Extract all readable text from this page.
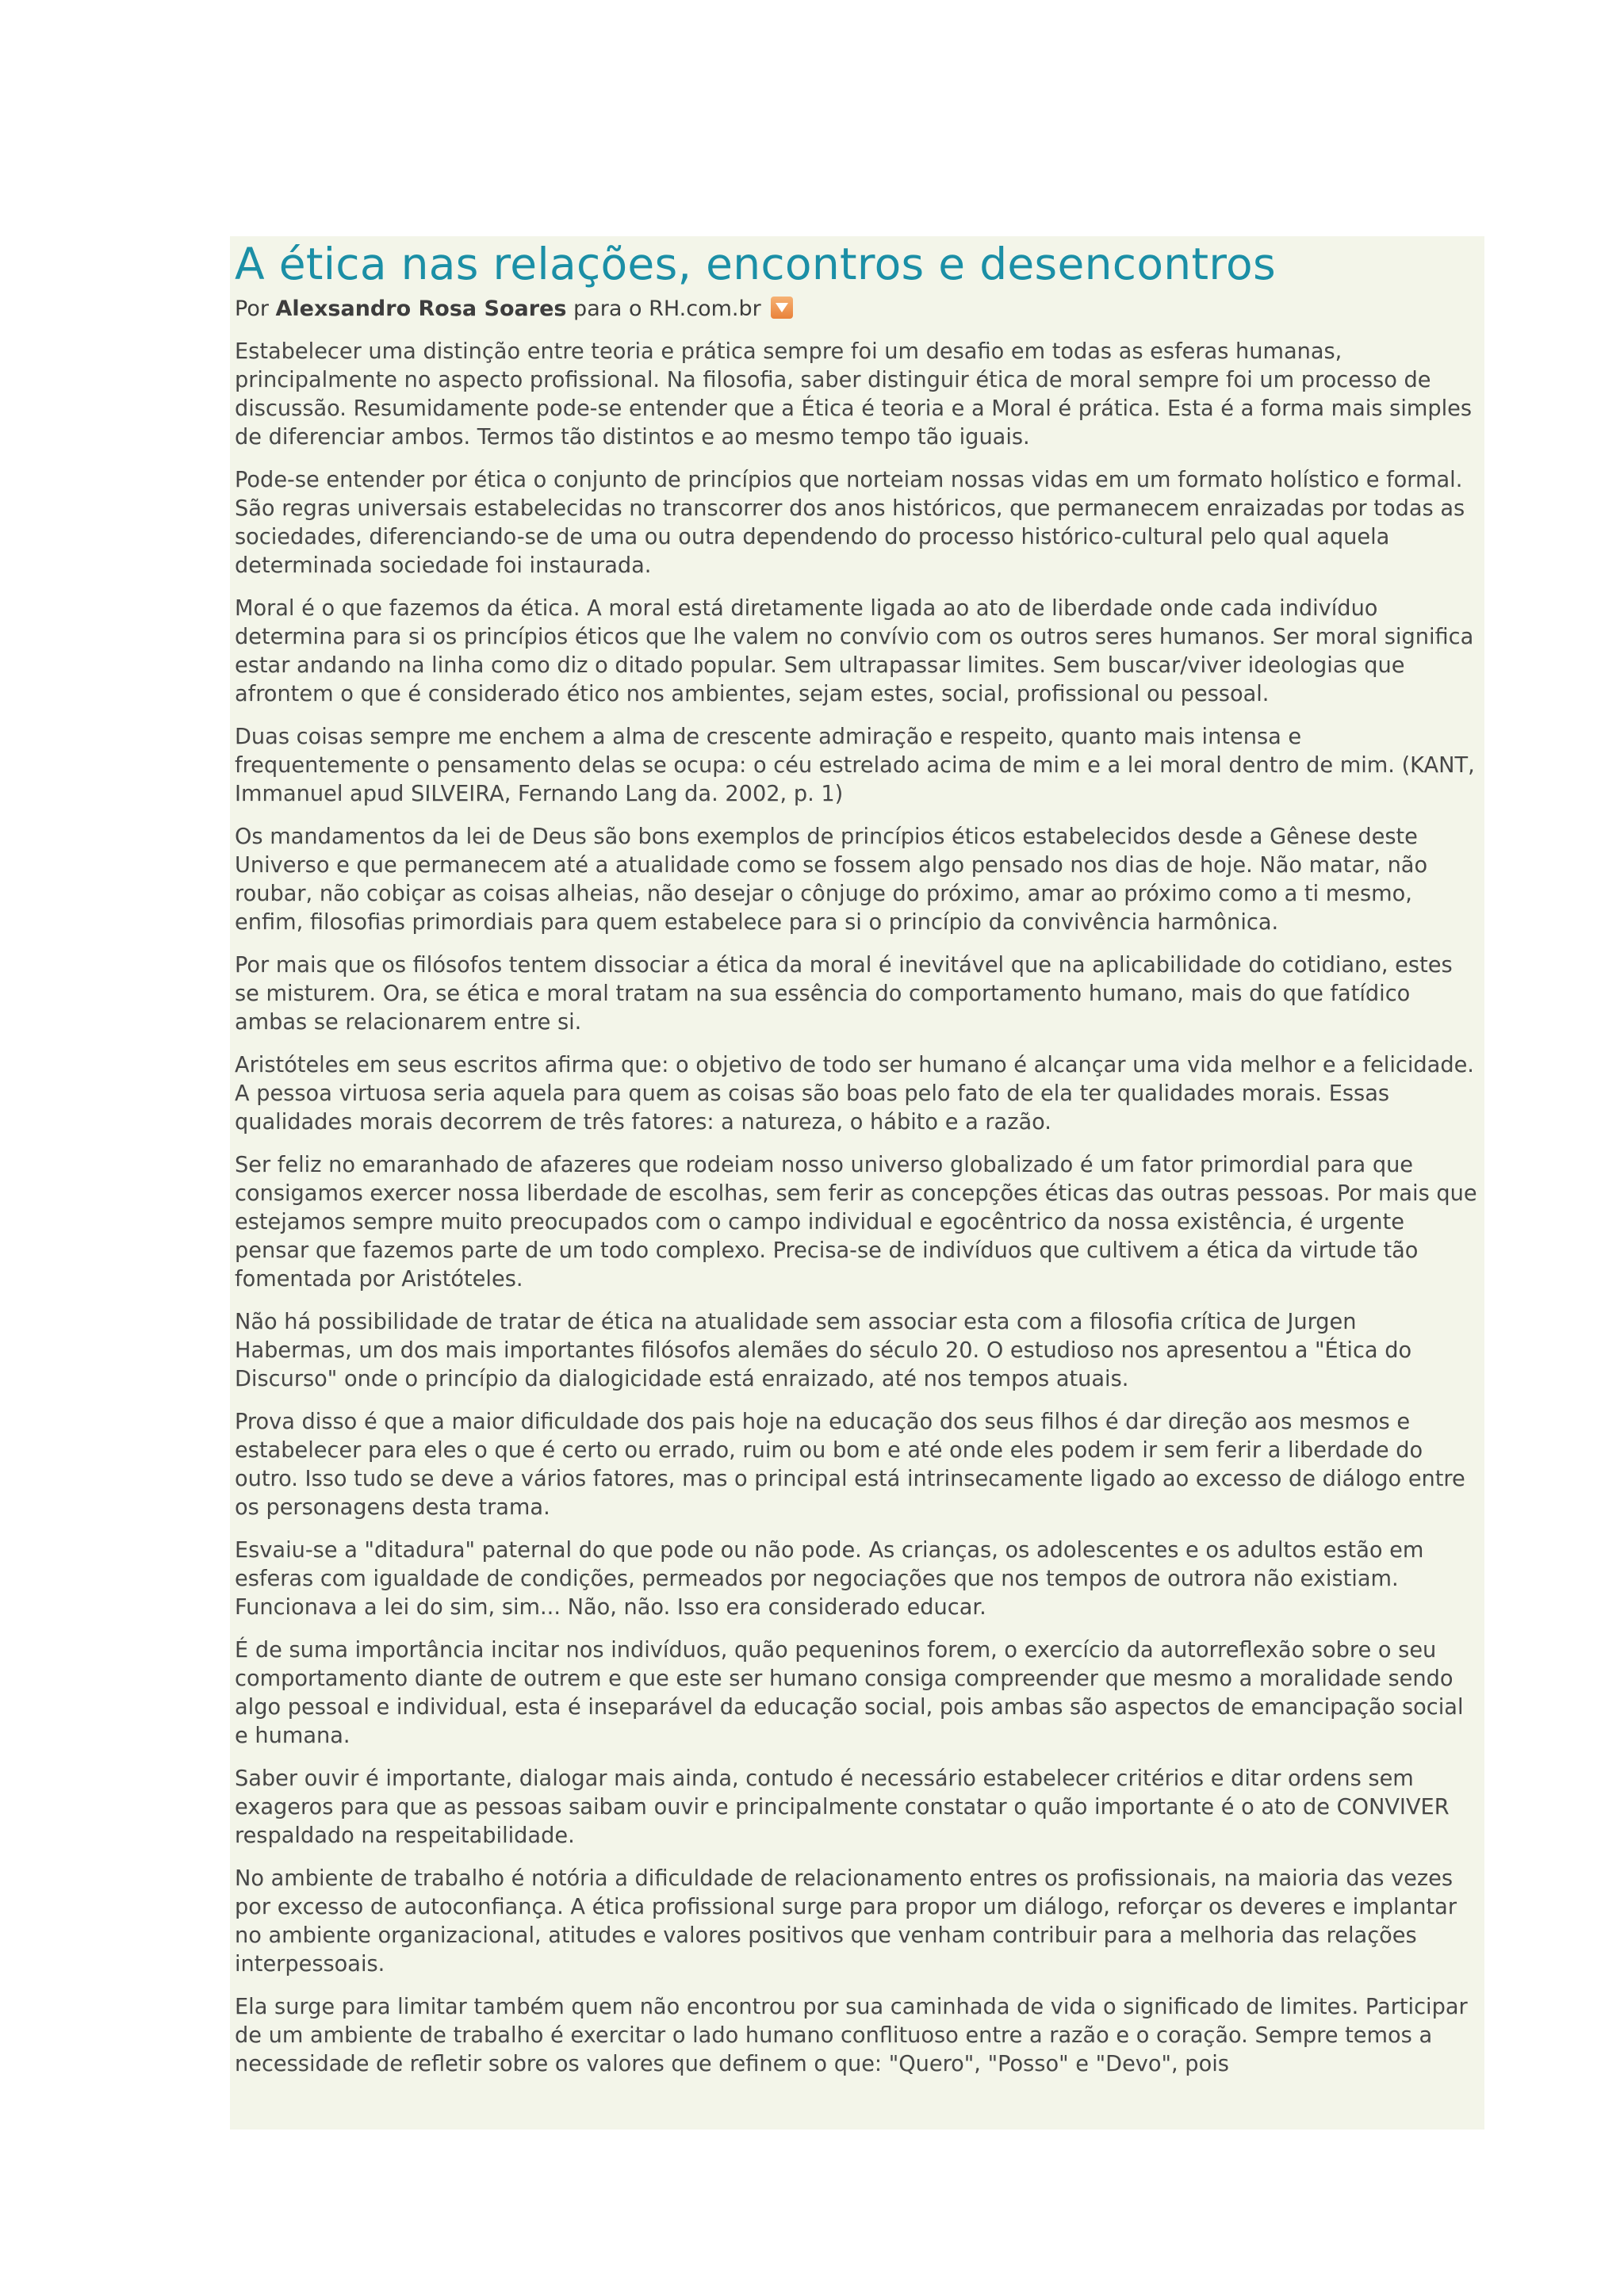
A ética nas relações, encontros e desencontros
Por Alexsandro Rosa Soares para o RH.com.br

Estabelecer uma distinção entre teoria e prática sempre foi um desafio em todas as esferas humanas, principalmente no aspecto profissional. Na filosofia, saber distinguir ética de moral sempre foi um processo de discussão. Resumidamente pode-se entender que a Ética é teoria e a Moral é prática. Esta é a forma mais simples de diferenciar ambos. Termos tão distintos e ao mesmo tempo tão iguais.

Pode-se entender por ética o conjunto de princípios que norteiam nossas vidas em um formato holístico e formal. São regras universais estabelecidas no transcorrer dos anos históricos, que permanecem enraizadas por todas as sociedades, diferenciando-se de uma ou outra dependendo do processo histórico-cultural pelo qual aquela determinada sociedade foi instaurada.

Moral é o que fazemos da ética. A moral está diretamente ligada ao ato de liberdade onde cada indivíduo determina para si os princípios éticos que lhe valem no convívio com os outros seres humanos. Ser moral significa estar andando na linha como diz o ditado popular. Sem ultrapassar limites. Sem buscar/viver ideologias que afrontem o que é considerado ético nos ambientes, sejam estes, social, profissional ou pessoal.

Duas coisas sempre me enchem a alma de crescente admiração e respeito, quanto mais intensa e frequentemente o pensamento delas se ocupa: o céu estrelado acima de mim e a lei moral dentro de mim. (KANT, Immanuel apud SILVEIRA, Fernando Lang da. 2002, p. 1)

Os mandamentos da lei de Deus são bons exemplos de princípios éticos estabelecidos desde a Gênese deste Universo e que permanecem até a atualidade como se fossem algo pensado nos dias de hoje. Não matar, não roubar, não cobiçar as coisas alheias, não desejar o cônjuge do próximo, amar ao próximo como a ti mesmo, enfim, filosofias primordiais para quem estabelece para si o princípio da convivência harmônica.

Por mais que os filósofos tentem dissociar a ética da moral é inevitável que na aplicabilidade do cotidiano, estes se misturem. Ora, se ética e moral tratam na sua essência do comportamento humano, mais do que fatídico ambas se relacionarem entre si.

Aristóteles em seus escritos afirma que: o objetivo de todo ser humano é alcançar uma vida melhor e a felicidade. A pessoa virtuosa seria aquela para quem as coisas são boas pelo fato de ela ter qualidades morais. Essas qualidades morais decorrem de três fatores: a natureza, o hábito e a razão.

Ser feliz no emaranhado de afazeres que rodeiam nosso universo globalizado é um fator primordial para que consigamos exercer nossa liberdade de escolhas, sem ferir as concepções éticas das outras pessoas. Por mais que estejamos sempre muito preocupados com o campo individual e egocêntrico da nossa existência, é urgente pensar que fazemos parte de um todo complexo. Precisa-se de indivíduos que cultivem a ética da virtude tão fomentada por Aristóteles.

Não há possibilidade de tratar de ética na atualidade sem associar esta com a filosofia crítica de Jurgen Habermas, um dos mais importantes filósofos alemães do século 20. O estudioso nos apresentou a "Ética do Discurso" onde o princípio da dialogicidade está enraizado, até nos tempos atuais.

Prova disso é que a maior dificuldade dos pais hoje na educação dos seus filhos é dar direção aos mesmos e estabelecer para eles o que é certo ou errado, ruim ou bom e até onde eles podem ir sem ferir a liberdade do outro. Isso tudo se deve a vários fatores, mas o principal está intrinsecamente ligado ao excesso de diálogo entre os personagens desta trama.

Esvaiu-se a "ditadura" paternal do que pode ou não pode. As crianças, os adolescentes e os adultos estão em esferas com igualdade de condições, permeados por negociações que nos tempos de outrora não existiam. Funcionava a lei do sim, sim... Não, não. Isso era considerado educar.

É de suma importância incitar nos indivíduos, quão pequeninos forem, o exercício da autorreflexão sobre o seu comportamento diante de outrem e que este ser humano consiga compreender que mesmo a moralidade sendo algo pessoal e individual, esta é inseparável da educação social, pois ambas são aspectos de emancipação social e humana.

Saber ouvir é importante, dialogar mais ainda, contudo é necessário estabelecer critérios e ditar ordens sem exageros para que as pessoas saibam ouvir e principalmente constatar o quão importante é o ato de CONVIVER respaldado na respeitabilidade.

No ambiente de trabalho é notória a dificuldade de relacionamento entres os profissionais, na maioria das vezes por excesso de autoconfiança. A ética profissional surge para propor um diálogo, reforçar os deveres e implantar no ambiente organizacional, atitudes e valores positivos que venham contribuir para a melhoria das relações interpessoais.

Ela surge para limitar também quem não encontrou por sua caminhada de vida o significado de limites. Participar de um ambiente de trabalho é exercitar o lado humano conflituoso entre a razão e o coração. Sempre temos a necessidade de refletir sobre os valores que definem o que: "Quero", "Posso" e "Devo", pois
